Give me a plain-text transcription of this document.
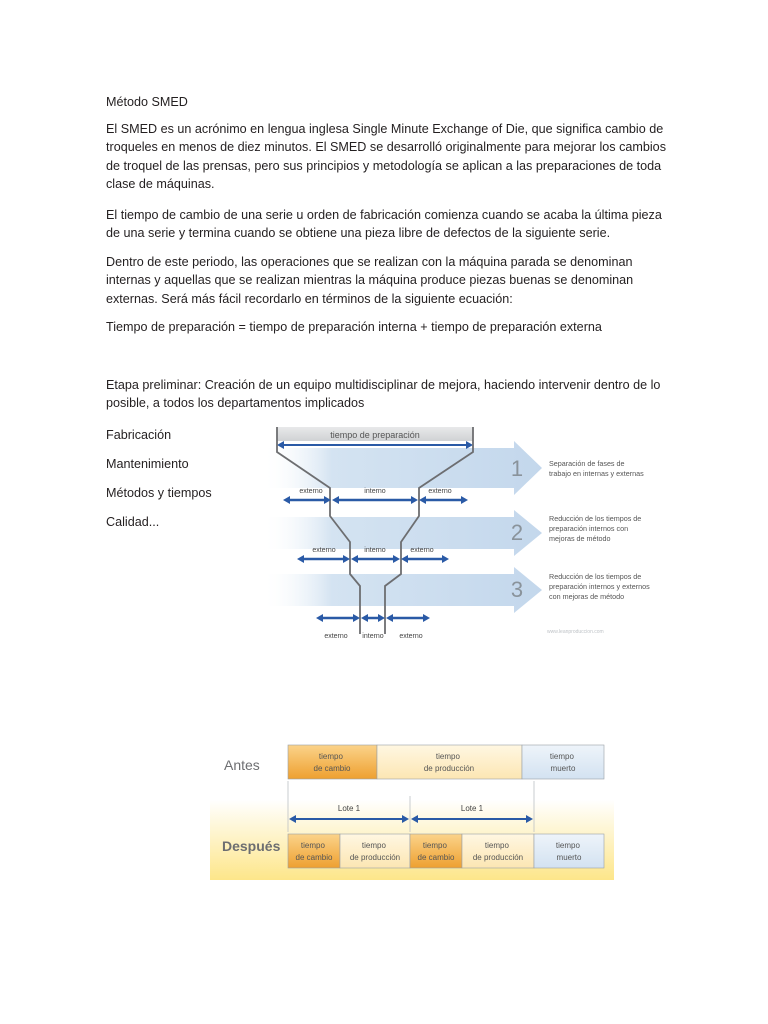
Método SMED

El SMED es un acrónimo en lengua inglesa Single Minute Exchange of Die, que significa cambio de troqueles en menos de diez minutos. El SMED se desarrolló originalmente para mejorar los cambios de troquel de las prensas, pero sus principios y metodología se aplican a las preparaciones de toda clase de máquinas.

El tiempo de cambio de una serie u orden de fabricación comienza cuando se acaba la última pieza de una serie y termina cuando se obtiene una pieza libre de defectos de la siguiente serie.

Dentro de este periodo, las operaciones que se realizan con la máquina parada se denominan internas y aquellas que se realizan mientras la máquina produce piezas buenas se denominan externas. Será más fácil recordarlo en términos de la siguiente ecuación:

Tiempo de preparación = tiempo de preparación interna + tiempo de preparación externa

Etapa preliminar: Creación de un equipo multidisciplinar de mejora, haciendo intervenir dentro de lo posible, a todos los departamentos implicados

Fabricación
Mantenimiento
Métodos y tiempos
Calidad...
tiempo de preparación
externo	interno	externo
externo	interno	externo
externo interno externo
1
2
3
Separación de fases de trabajo en internas y externas
Reducción de los tiempos de preparación internos con mejoras de método
Reducción de los tiempos de preparación internos y externos con mejoras de método
www.leanproduccion.com
Antes
Después
tiempo de cambio
tiempo de producción
tiempo muerto
Lote 1	Lote 1
tiempo de cambio
tiempo de producción
tiempo de cambio
tiempo de producción
tiempo muerto
